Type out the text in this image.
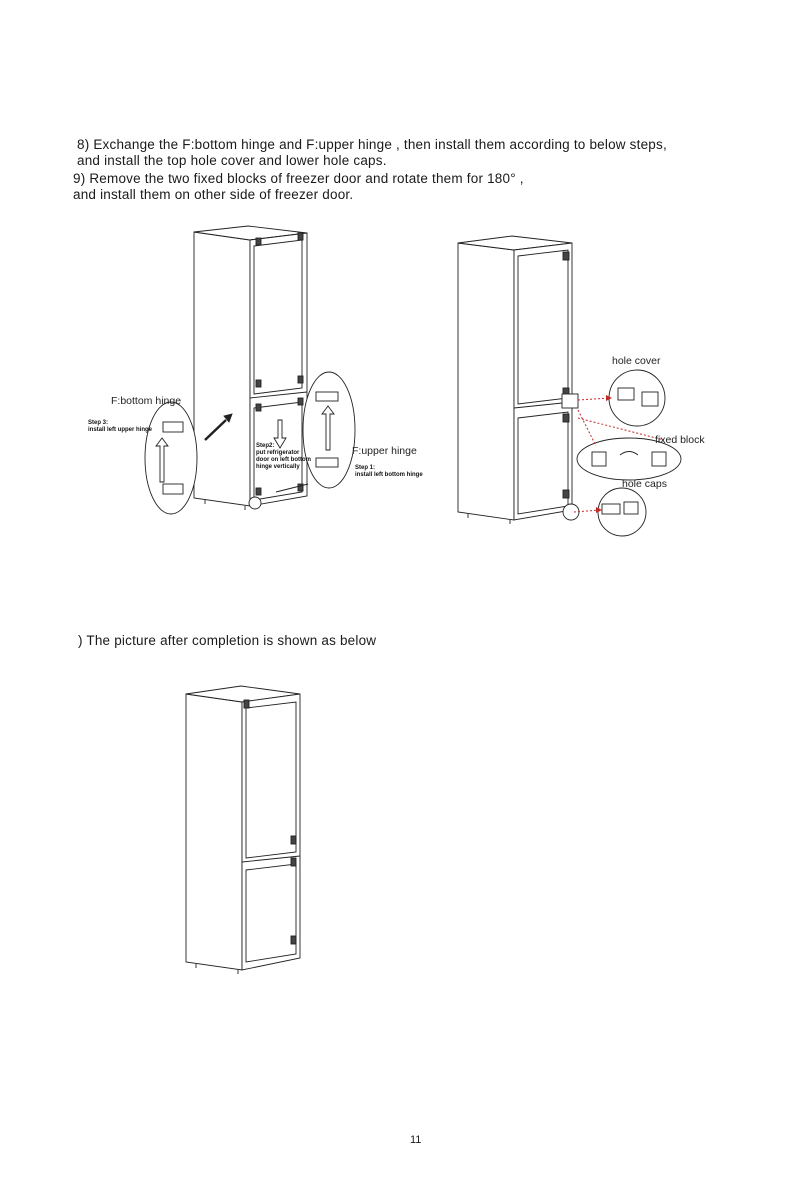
8) Exchange the F:bottom hinge and F:upper hinge , then install them according to below steps,
and install the top hole cover and lower hole caps.
9) Remove the two fixed blocks of freezer door and rotate them for 180° ,
and install them on other side of freezer door.
F:bottom hinge
Step 3:
install left upper hinge
Step2:
put refrigerator
door on left bottom
hinge vertically
F:upper hinge
Step 1:
install left bottom hinge
hole cover
fixed block
hole caps
) The picture after completion is shown as below
11
